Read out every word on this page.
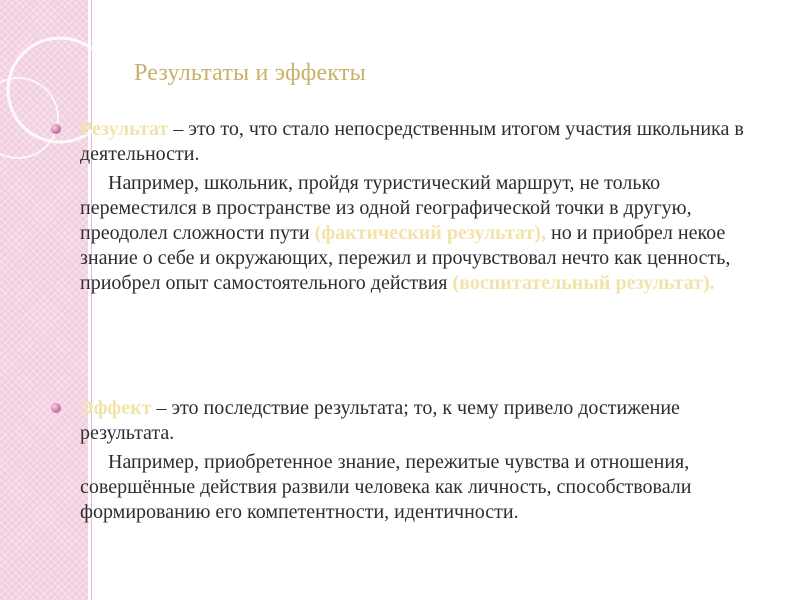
Результаты и эффекты

Результат – это то, что стало непосредственным итогом участия школьника в деятельности.

Например, школьник, пройдя туристический маршрут, не только переместился в пространстве из одной географической точки в другую, преодолел сложности пути (фактический результат), но и приобрел некое знание о себе и окружающих, пережил и прочувствовал нечто как ценность, приобрел опыт самостоятельного действия (воспитательный результат).

Эффект – это последствие результата; то, к чему привело достижение результата.

Например, приобретенное знание, пережитые чувства и отношения, совершённые действия развили человека как личность, способствовали формированию его компетентности, идентичности.
